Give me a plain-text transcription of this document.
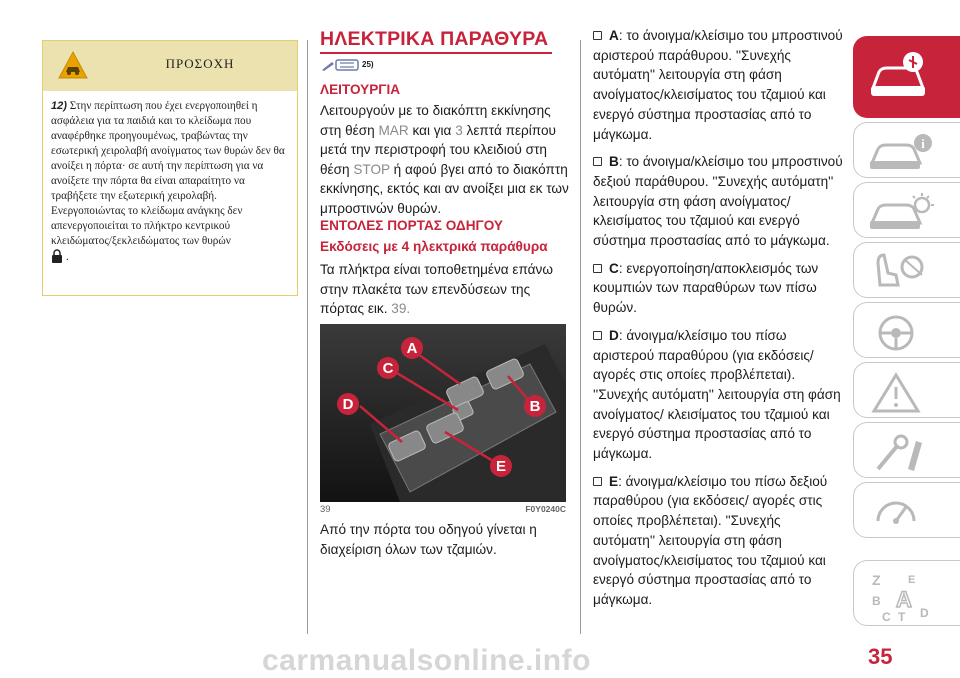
ΠΡΟΣΟΧΗ
12) Στην περίπτωση που έχει ενεργοποιηθεί η ασφάλεια για τα παιδιά και το κλείδωμα που αναφέρθηκε προηγουμένως, τραβώντας την εσωτερική χειρολαβή ανοίγματος των θυρών δεν θα ανοίξει η πόρτα· σε αυτή την περίπτωση για να ανοίξετε την πόρτα θα είναι απαραίτητο να τραβήξετε την εξωτερική χειρολαβή. Ενεργοποιώντας το κλείδωμα ανάγκης δεν απενεργοποιείται το πλήκτρο κεντρικού κλειδώματος/ξεκλειδώματος των θυρών
.
ΗΛΕΚΤΡΙΚΑ ΠΑΡΑΘΥΡΑ
25)
ΛΕΙΤΟΥΡΓΙΑ
Λειτουργούν με το διακόπτη εκκίνησης στη θέση MAR και για 3 λεπτά περίπου μετά την περιστροφή του κλειδιού στη θέση STOP ή αφού βγει από το διακόπτη εκκίνησης, εκτός και αν ανοίξει μια εκ των μπροστινών θυρών.
ΕΝΤΟΛΕΣ ΠΟΡΤΑΣ ΟΔΗΓΟΥ
Εκδόσεις με 4 ηλεκτρικά παράθυρα
Τα πλήκτρα είναι τοποθετημένα επάνω στην πλακέτα των επενδύσεων της πόρτας εικ. 39.
A
B
C
D
E
39	F0Y0240C
Από την πόρτα του οδηγού γίνεται η διαχείριση όλων των τζαμιών.

A: το άνοιγμα/κλείσιμο του μπροστινού αριστερού παράθυρου. ''Συνεχής αυτόματη'' λειτουργία στη φάση ανοίγματος/κλεισίματος του τζαμιού και ενεργό σύστημα προστασίας από το μάγκωμα.

B: το άνοιγμα/κλείσιμο του μπροστινού δεξιού παράθυρου. ''Συνεχής αυτόματη'' λειτουργία στη φάση ανοίγματος/κλεισίματος του τζαμιού και ενεργό σύστημα προστασίας από το μάγκωμα.

C: ενεργοποίηση/αποκλεισμός των κουμπιών των παραθύρων των πίσω θυρών.

D: άνοιγμα/κλείσιμο του πίσω αριστερού παραθύρου (για εκδόσεις/αγορές στις οποίες προβλέπεται). ''Συνεχής αυτόματη'' λειτουργία στη φάση ανοίγματος/ κλεισίματος του τζαμιού και ενεργό σύστημα προστασίας από το μάγκωμα.

E: άνοιγμα/κλείσιμο του πίσω δεξιού παραθύρου (για εκδόσεις/ αγορές στις οποίες προβλέπεται). ''Συνεχής αυτόματη'' λειτουργία στη φάση ανοίγματος/κλεισίματος του τζαμιού και ενεργό σύστημα προστασίας από το μάγκωμα.

i
Z E
B A
C T D
carmanualsonline.info	35
